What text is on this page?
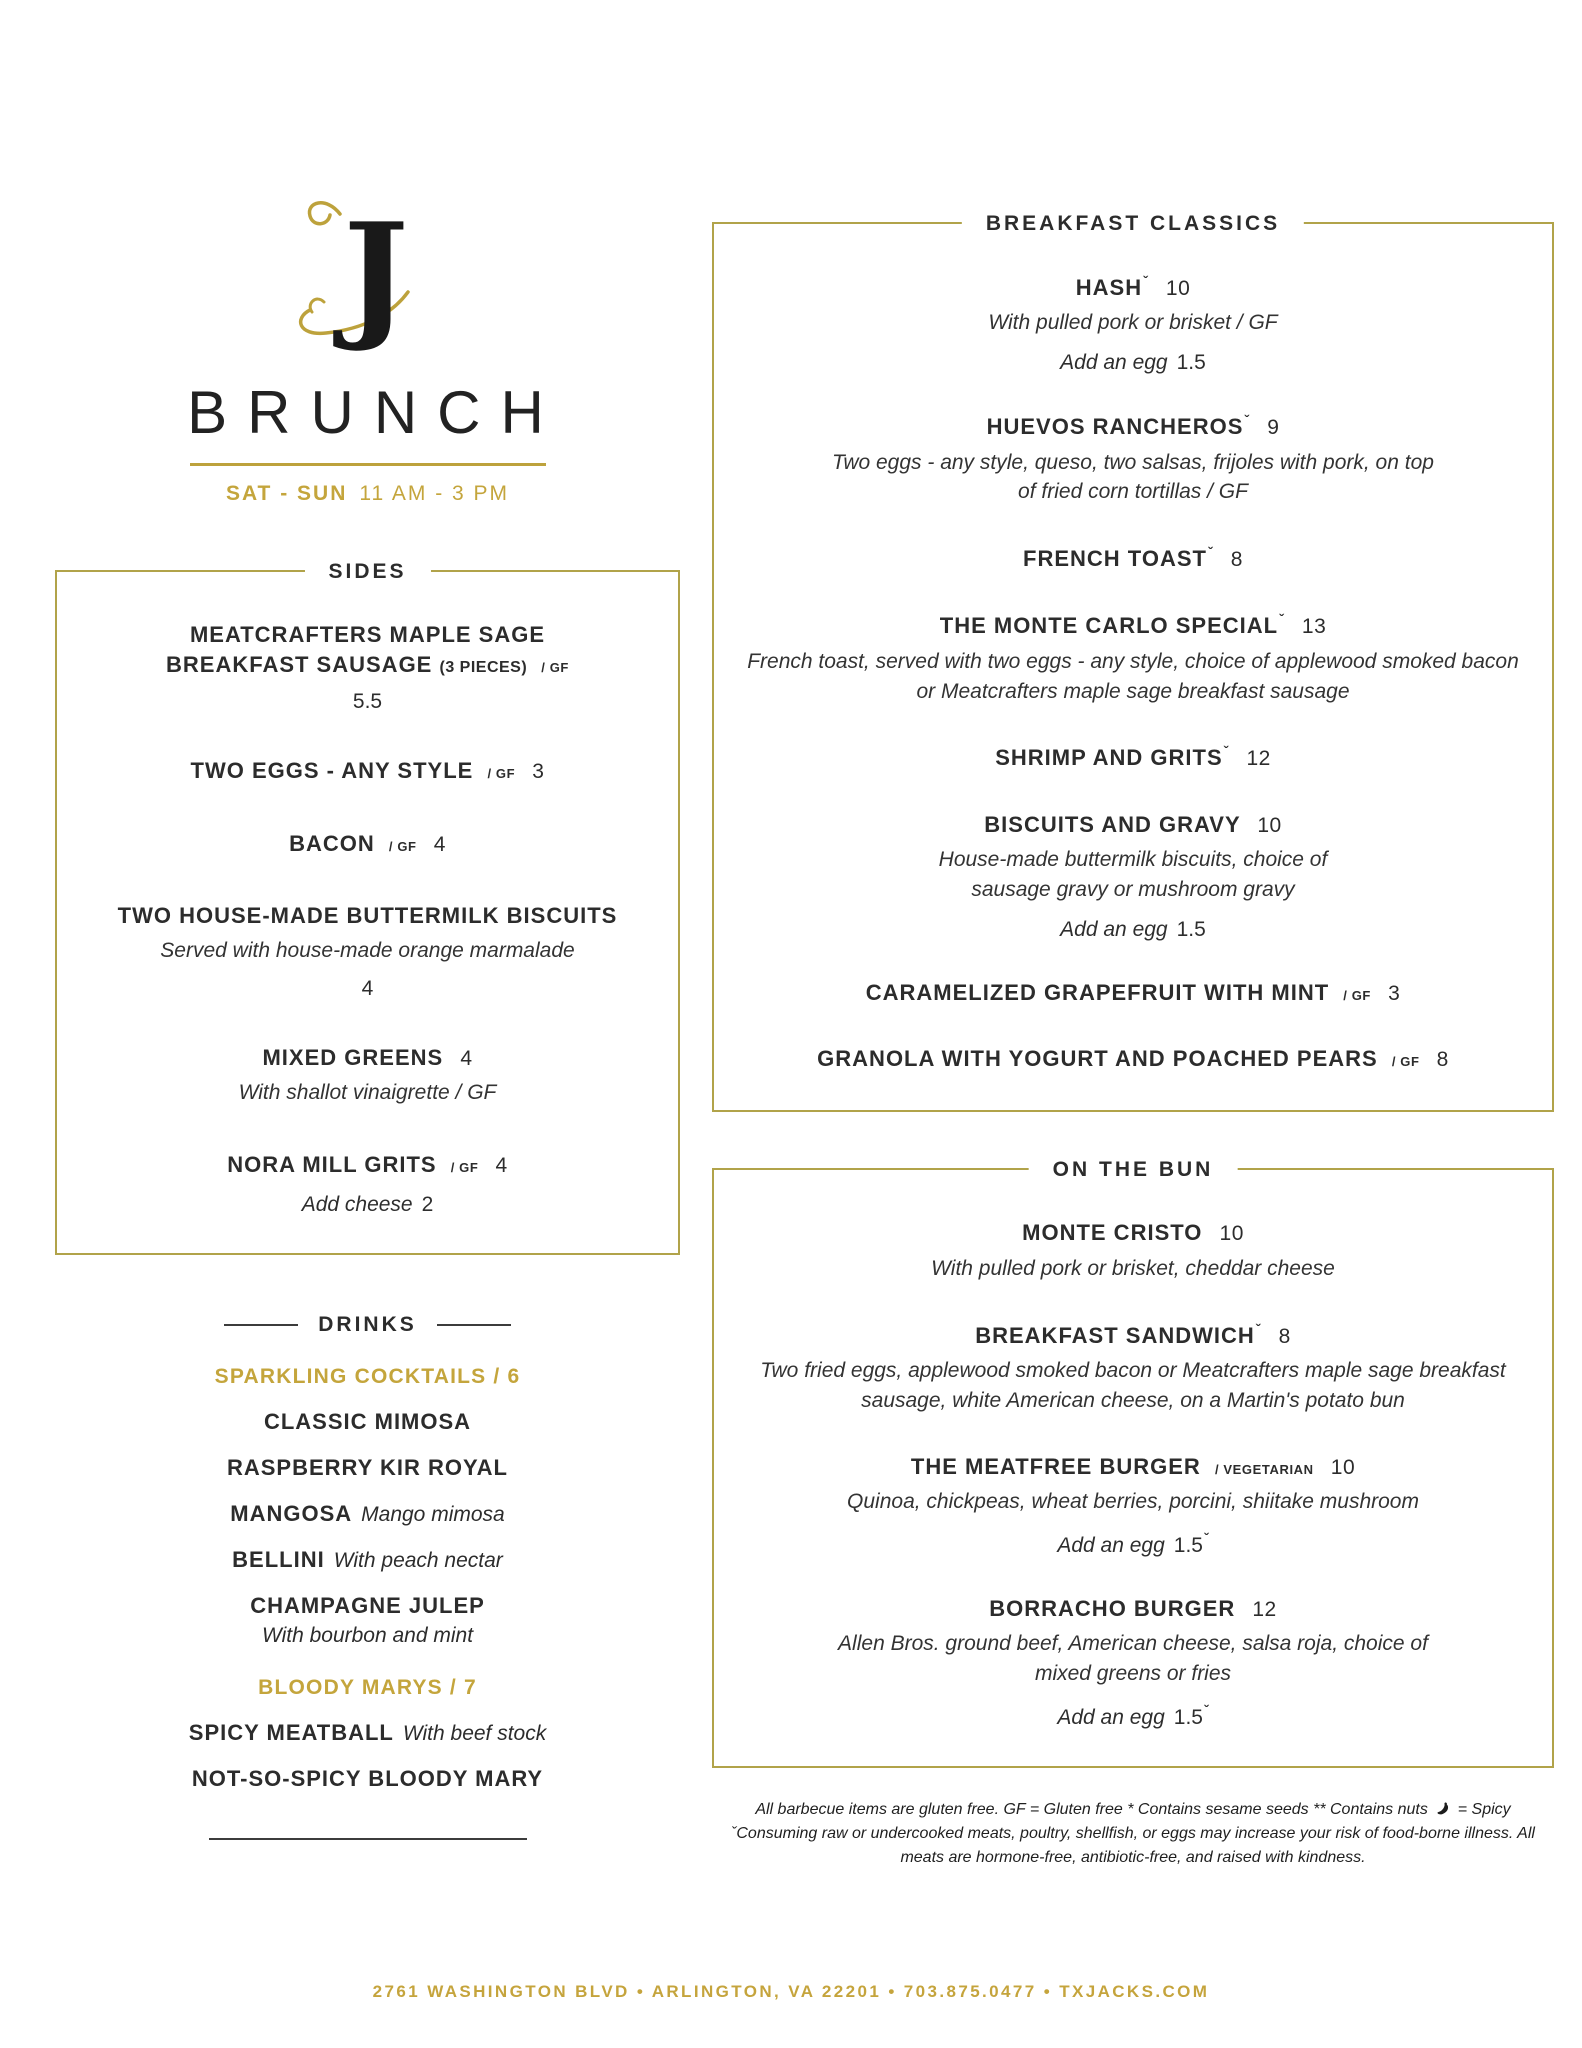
J
BRUNCH
SAT - SUN 11 AM - 3 PM
SIDES
MEATCRAFTERS MAPLE SAGE BREAKFAST SAUSAGE (3 PIECES) / GF
5.5
TWO EGGS - ANY STYLE / GF 3
BACON / GF 4
TWO HOUSE-MADE BUTTERMILK BISCUITS
Served with house-made orange marmalade
4
MIXED GREENS 4
With shallot vinaigrette / GF
NORA MILL GRITS / GF 4
Add cheese 2
DRINKS
SPARKLING COCKTAILS / 6
CLASSIC MIMOSA
RASPBERRY KIR ROYAL
MANGOSA Mango mimosa
BELLINI With peach nectar
CHAMPAGNE JULEP
With bourbon and mint
BLOODY MARYS / 7
SPICY MEATBALL With beef stock
NOT-SO-SPICY BLOODY MARY
BREAKFAST CLASSICS
$HASH^ˇ$ 10
With pulled pork or brisket / GF
Add an egg 1.5
HUEVOS $RANCHEROS^ˇ$ 9
Two eggs - any style, queso, two salsas, frijoles with pork, on top of fried corn tortillas / GF
FRENCH $TOAST^ˇ$ 8
THE MONTE CARLO $SPECIAL^ˇ$ 13
French toast, served with two eggs - any style, choice of applewood smoked bacon or Meatcrafters maple sage breakfast sausage
SHRIMP AND $GRITS^ˇ$ 12
BISCUITS AND GRAVY 10
House-made buttermilk biscuits, choice of sausage gravy or mushroom gravy
Add an egg 1.5
CARAMELIZED GRAPEFRUIT WITH MINT / GF 3
GRANOLA WITH YOGURT AND POACHED PEARS / GF 8
ON THE BUN
MONTE CRISTO 10
With pulled pork or brisket, cheddar cheese
BREAKFAST $SANDWICH^ˇ$ 8
Two fried eggs, applewood smoked bacon or Meatcrafters maple sage breakfast sausage, white American cheese, on a Martin's potato bun
THE MEATFREE BURGER / VEGETARIAN 10
Quinoa, chickpeas, wheat berries, porcini, shiitake mushroom
Add an egg $1.5^ˇ$
BORRACHO BURGER 12
Allen Bros. ground beef, American cheese, salsa roja, choice of mixed greens or fries
Add an egg $1.5^ˇ$
All barbecue items are gluten free. GF = Gluten free * Contains sesame seeds ** Contains nuts = Spicy
ˇConsuming raw or undercooked meats, poultry, shellfish, or eggs may increase your risk of food-borne illness. All meats are hormone-free, antibiotic-free, and raised with kindness.
2761 WASHINGTON BLVD • ARLINGTON, VA 22201 • 703.875.0477 • TXJACKS.COM
